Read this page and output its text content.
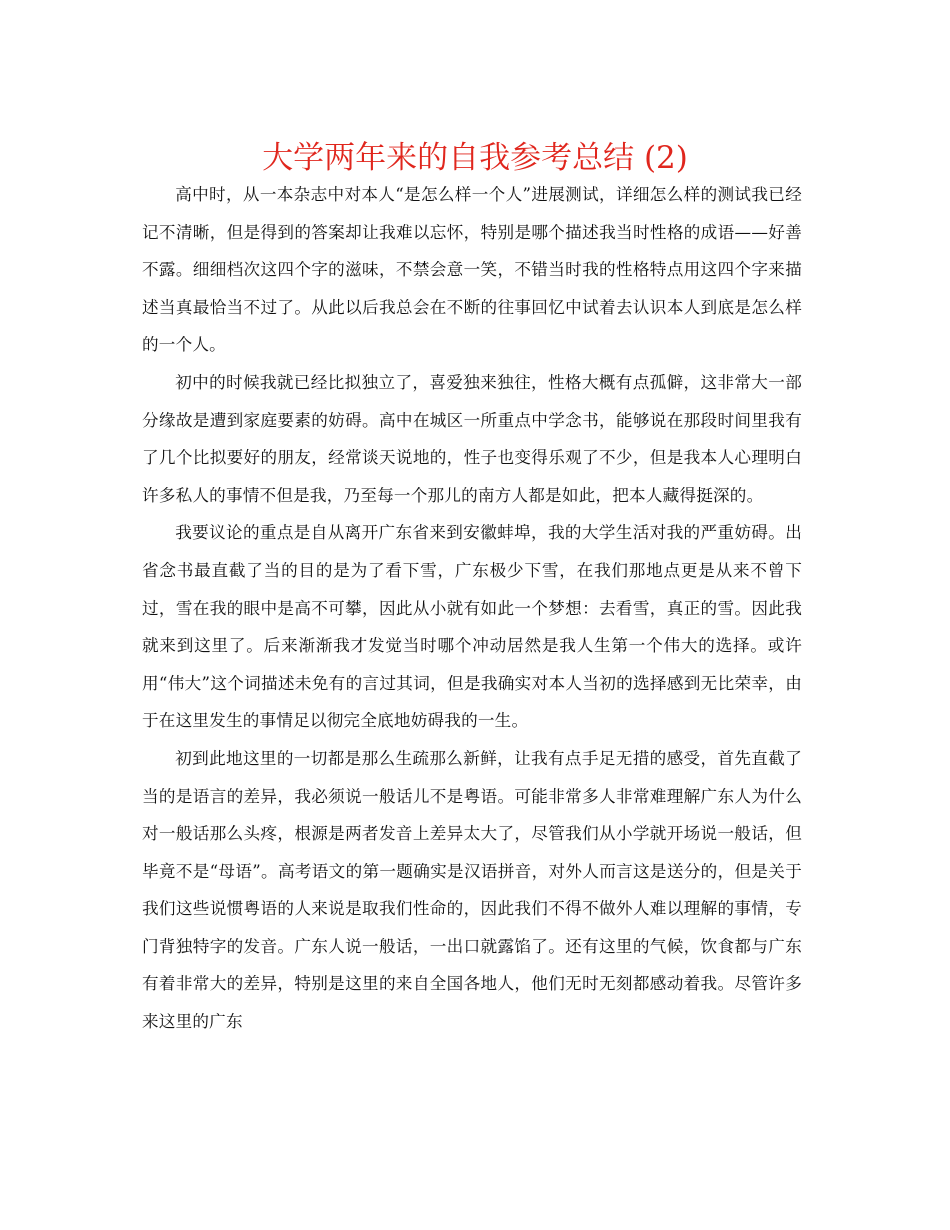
大学两年来的自我参考总结 (2)

高中时，从一本杂志中对本人“是怎么样一个人”进展测试，详细怎么样的测试我已经记不清晰，但是得到的答案却让我难以忘怀，特别是哪个描述我当时性格的成语——好善不露。细细档次这四个字的滋味，不禁会意一笑，不错当时我的性格特点用这四个字来描述当真最恰当不过了。从此以后我总会在不断的往事回忆中试着去认识本人到底是怎么样的一个人。

初中的时候我就已经比拟独立了，喜爱独来独往，性格大概有点孤僻，这非常大一部分缘故是遭到家庭要素的妨碍。高中在城区一所重点中学念书，能够说在那段时间里我有了几个比拟要好的朋友，经常谈天说地的，性子也变得乐观了不少，但是我本人心理明白许多私人的事情不但是我，乃至每一个那儿的南方人都是如此，把本人藏得挺深的。

我要议论的重点是自从离开广东省来到安徽蚌埠，我的大学生活对我的严重妨碍。出省念书最直截了当的目的是为了看下雪，广东极少下雪，在我们那地点更是从来不曾下过，雪在我的眼中是高不可攀，因此从小就有如此一个梦想：去看雪，真正的雪。因此我就来到这里了。后来渐渐我才发觉当时哪个冲动居然是我人生第一个伟大的选择。或许用“伟大”这个词描述未免有的言过其词，但是我确实对本人当初的选择感到无比荣幸，由于在这里发生的事情足以彻完全底地妨碍我的一生。

初到此地这里的一切都是那么生疏那么新鲜，让我有点手足无措的感受，首先直截了当的是语言的差异，我必须说一般话儿不是粤语。可能非常多人非常难理解广东人为什么对一般话那么头疼，根源是两者发音上差异太大了，尽管我们从小学就开场说一般话，但毕竟不是“母语”。高考语文的第一题确实是汉语拼音，对外人而言这是送分的，但是关于我们这些说惯粤语的人来说是取我们性命的，因此我们不得不做外人难以理解的事情，专门背独特字的发音。广东人说一般话，一出口就露馅了。还有这里的气候，饮食都与广东有着非常大的差异，特别是这里的来自全国各地人，他们无时无刻都感动着我。尽管许多来这里的广东
